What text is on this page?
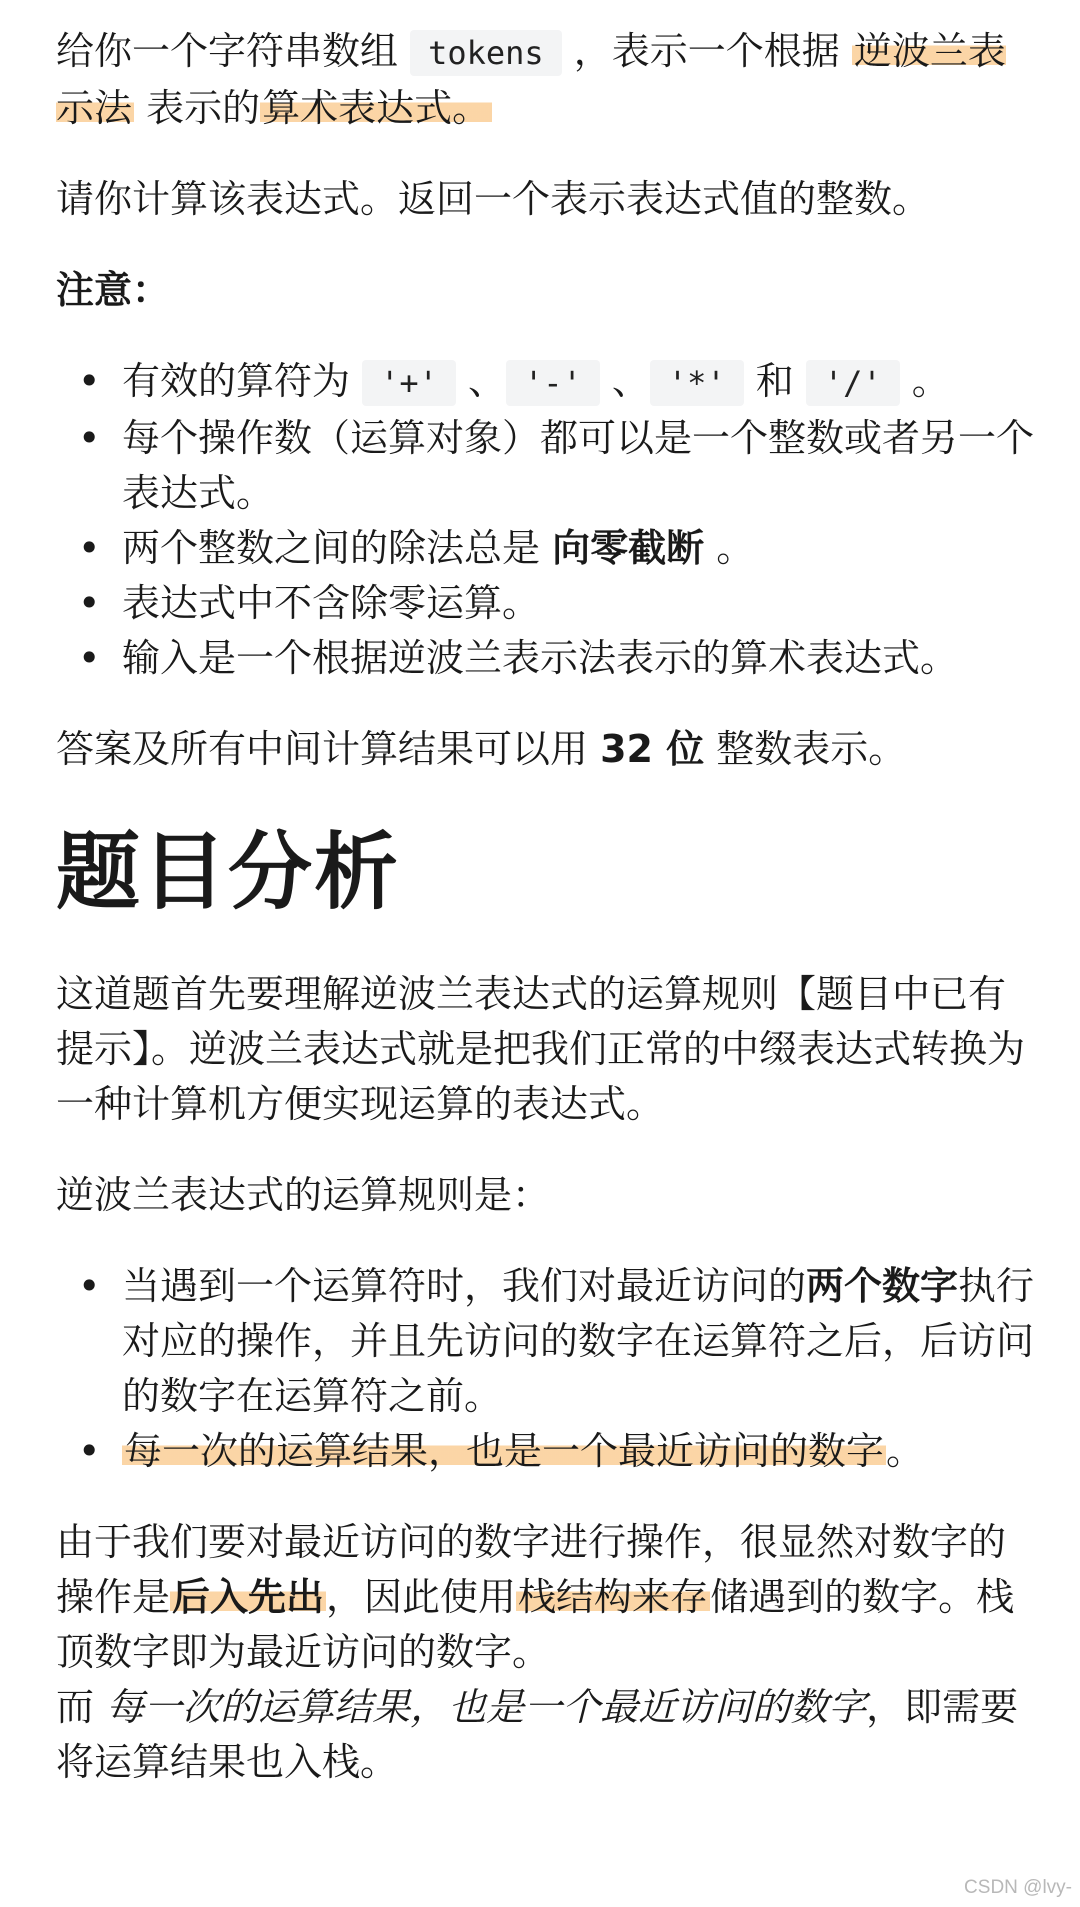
给你一个字符串数组 tokens ，表示一个根据 逆波兰表示法 表示的算术表达式。

请你计算该表达式。返回一个表示表达式值的整数。

注意：

• 有效的算符为 '+' 、 '-' 、 '*' 和 '/' 。
• 每个操作数（运算对象）都可以是一个整数或者另一个表达式。
• 两个整数之间的除法总是 向零截断 。
• 表达式中不含除零运算。
• 输入是一个根据逆波兰表示法表示的算术表达式。

答案及所有中间计算结果可以用 32 位 整数表示。

题目分析

这道题首先要理解逆波兰表达式的运算规则【题目中已有提示】。逆波兰表达式就是把我们正常的中缀表达式转换为一种计算机方便实现运算的表达式。

逆波兰表达式的运算规则是：

• 当遇到一个运算符时，我们对最近访问的两个数字执行对应的操作，并且先访问的数字在运算符之后，后访问的数字在运算符之前。
• 每一次的运算结果，也是一个最近访问的数字。

由于我们要对最近访问的数字进行操作，很显然对数字的操作是后入先出，因此使用栈结构来存储遇到的数字。栈顶数字即为最近访问的数字。

而 每一次的运算结果，也是一个最近访问的数字，即需要将运算结果也入栈。

CSDN @lvy-
